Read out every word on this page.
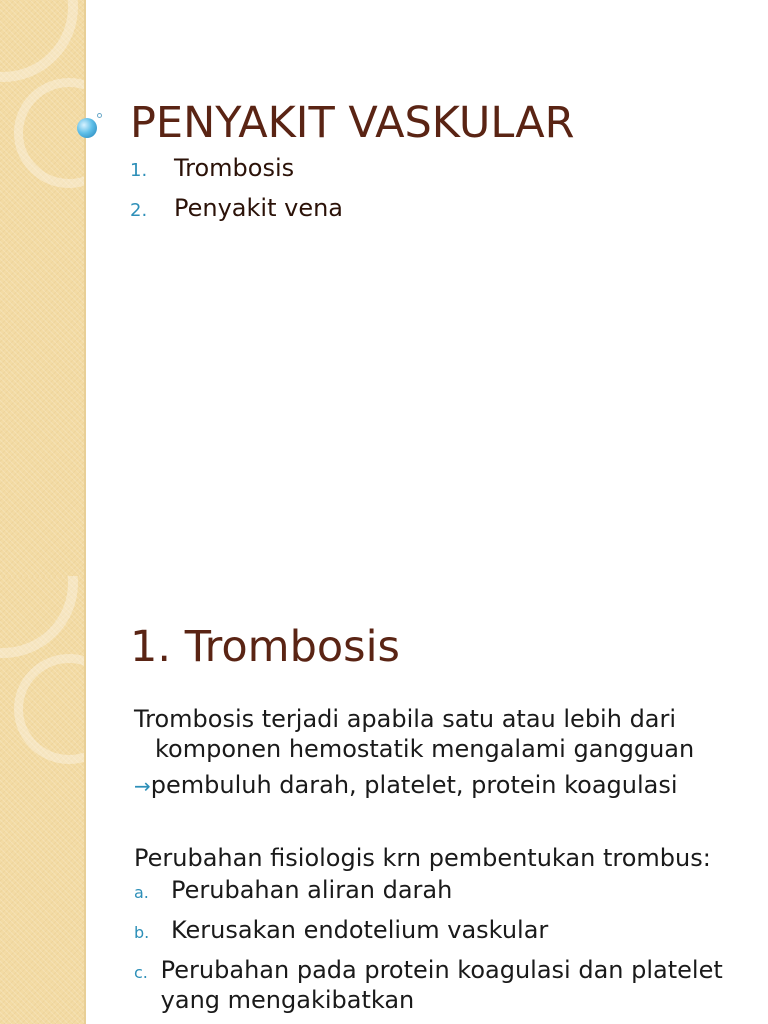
PENYAKIT VASKULAR
1.	Trombosis
2.	Penyakit vena
1. Trombosis

Trombosis terjadi apabila satu atau lebih dari komponen hemostatik mengalami gangguan

→pembuluh darah, platelet, protein koagulasi

Perubahan fisiologis krn pembentukan trombus:

a. Perubahan aliran darah
b. Kerusakan endotelium vaskular
c. Perubahan pada protein koagulasi dan platelet yang mengakibatkan
